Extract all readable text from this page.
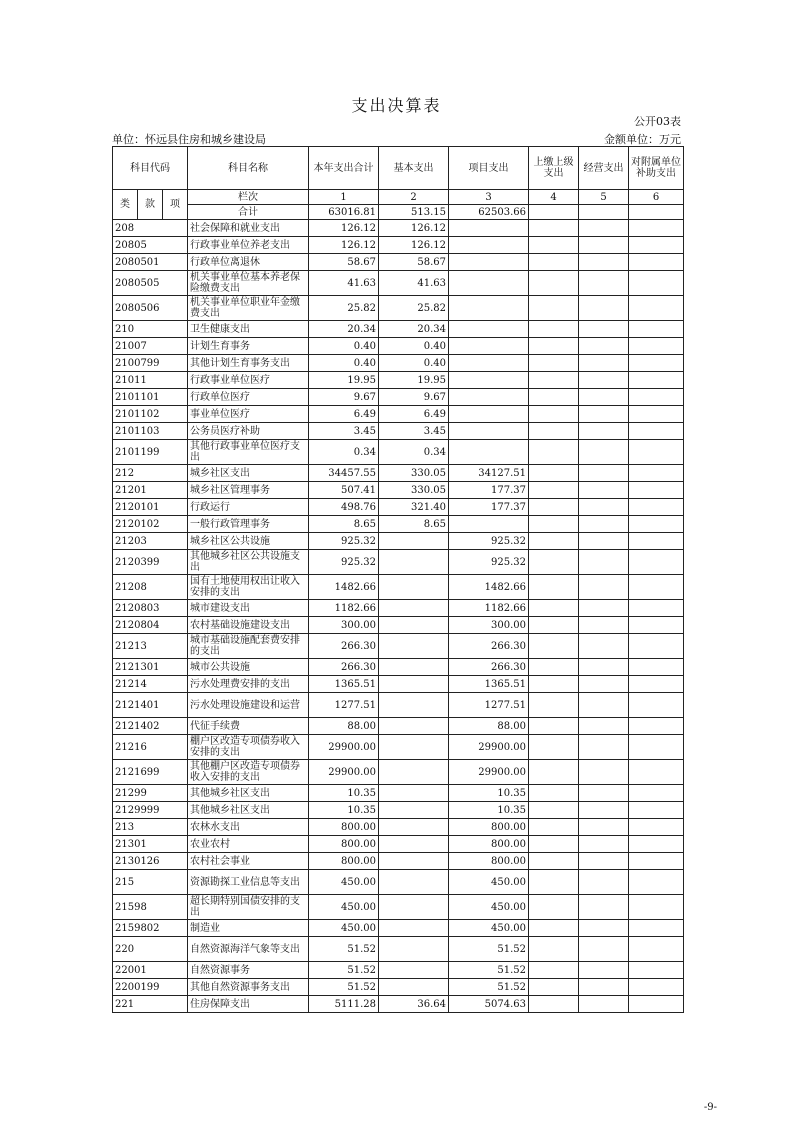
支出决算表
公开03表
单位：怀远县住房和城乡建设局	金额单位：万元
科目代码			科目名称	本年支出合计	基本支出	项目支出	上缴上级支出	经营支出	对附属单位补助支出
类	款	项	栏次	1	2	3	4	5	6
			合计	63016.81	513.15	62503.66			
208			社会保障和就业支出	126.12	126.12				
20805			行政事业单位养老支出	126.12	126.12				
2080501			行政单位离退休	58.67	58.67				
2080505			机关事业单位基本养老保险缴费支出	41.63	41.63				
2080506			机关事业单位职业年金缴费支出	25.82	25.82				
210			卫生健康支出	20.34	20.34				
21007			计划生育事务	0.40	0.40				
2100799			其他计划生育事务支出	0.40	0.40				
21011			行政事业单位医疗	19.95	19.95				
2101101			行政单位医疗	9.67	9.67				
2101102			事业单位医疗	6.49	6.49				
2101103			公务员医疗补助	3.45	3.45				
2101199			其他行政事业单位医疗支出	0.34	0.34				
212			城乡社区支出	34457.55	330.05	34127.51			
21201			城乡社区管理事务	507.41	330.05	177.37			
2120101			行政运行	498.76	321.40	177.37			
2120102			一般行政管理事务	8.65	8.65				
21203			城乡社区公共设施	925.32		925.32			
2120399			其他城乡社区公共设施支出	925.32		925.32			
21208			国有土地使用权出让收入安排的支出	1482.66		1482.66			
2120803			城市建设支出	1182.66		1182.66			
2120804			农村基础设施建设支出	300.00		300.00			
21213			城市基础设施配套费安排的支出	266.30		266.30			
2121301			城市公共设施	266.30		266.30			
21214			污水处理费安排的支出	1365.51		1365.51			
2121401			污水处理设施建设和运营	1277.51		1277.51			
2121402			代征手续费	88.00		88.00			
21216			棚户区改造专项债券收入安排的支出	29900.00		29900.00			
2121699			其他棚户区改造专项债券收入安排的支出	29900.00		29900.00			
21299			其他城乡社区支出	10.35		10.35			
2129999			其他城乡社区支出	10.35		10.35			
213			农林水支出	800.00		800.00			
21301			农业农村	800.00		800.00			
2130126			农村社会事业	800.00		800.00			
215			资源勘探工业信息等支出	450.00		450.00			
21598			超长期特别国债安排的支出	450.00		450.00			
2159802			制造业	450.00		450.00			
220			自然资源海洋气象等支出	51.52		51.52			
22001			自然资源事务	51.52		51.52			
2200199			其他自然资源事务支出	51.52		51.52			
221			住房保障支出	5111.28	36.64	5074.63			
-9-
